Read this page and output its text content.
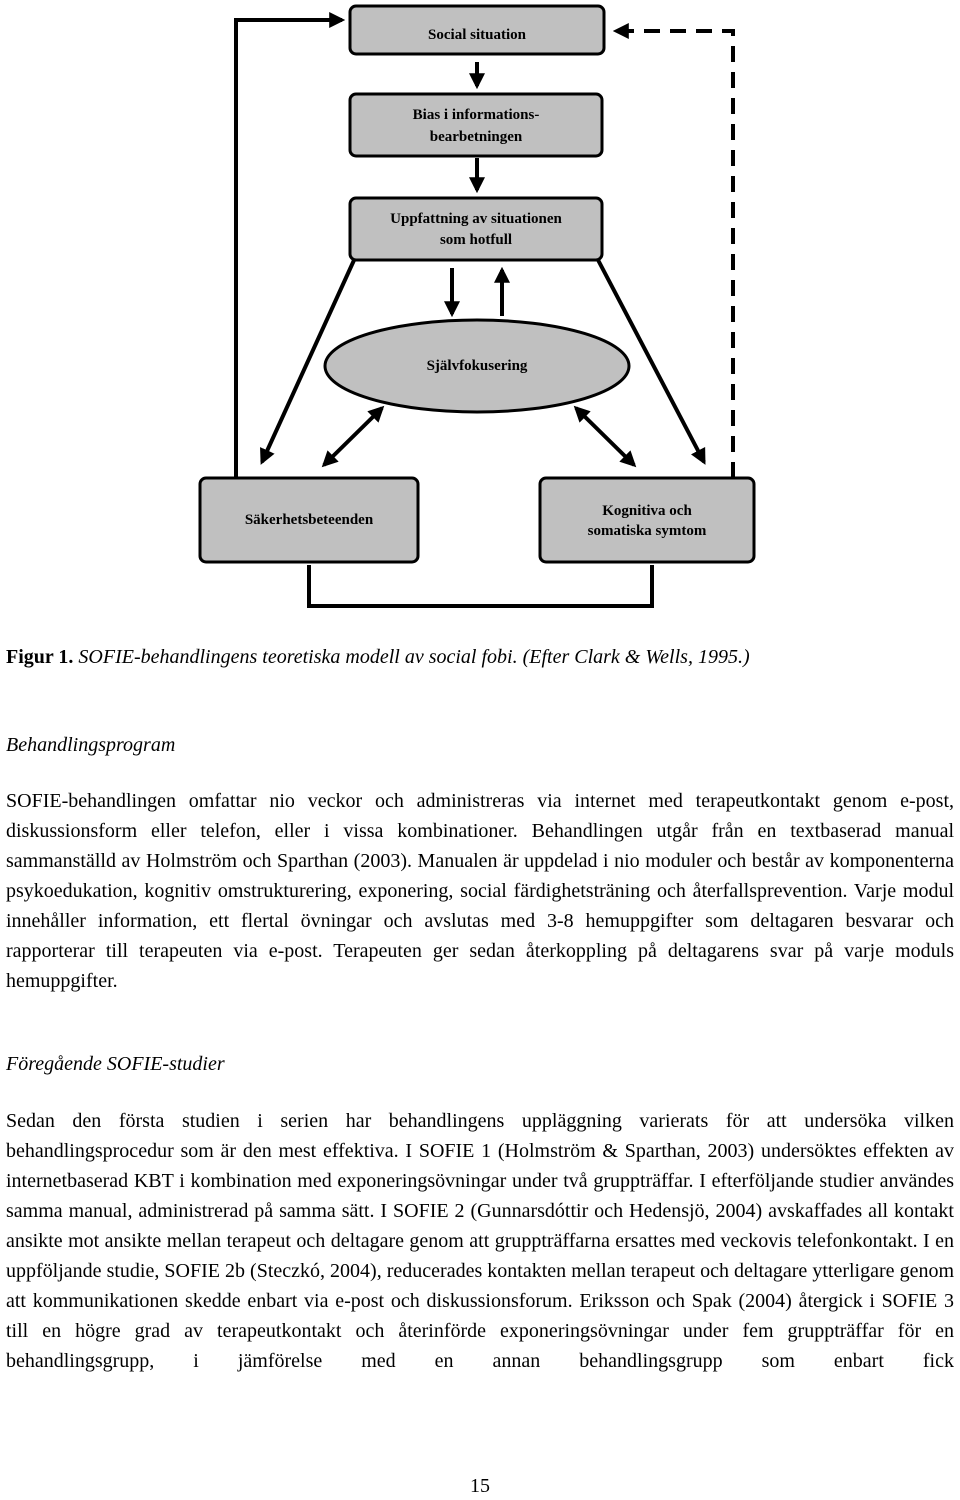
Social situation
Bias i informations-
bearbetningen
Uppfattning av situationen
som hotfull
Självfokusering
Säkerhetsbeteenden
Kognitiva och
somatiska symtom
Figur 1. SOFIE-behandlingens teoretiska modell av social fobi. (Efter Clark & Wells, 1995.)
Behandlingsprogram

SOFIE-behandlingen omfattar nio veckor och administreras via internet med terapeutkontakt genom e-post, diskussionsform eller telefon, eller i vissa kombinationer. Behandlingen utgår från en textbaserad manual sammanställd av Holmström och Sparthan (2003). Manualen är uppdelad i nio moduler och består av komponenterna psykoedukation, kognitiv omstrukturering, exponering, social färdighetsträning och återfallsprevention. Varje modul innehåller information, ett flertal övningar och avslutas med 3-8 hemuppgifter som deltagaren besvarar och rapporterar till terapeuten via e-post. Terapeuten ger sedan återkoppling på deltagarens svar på varje moduls hemuppgifter.

Föregående SOFIE-studier

Sedan den första studien i serien har behandlingens uppläggning varierats för att undersöka vilken behandlingsprocedur som är den mest effektiva. I SOFIE 1 (Holmström & Sparthan, 2003) undersöktes effekten av internetbaserad KBT i kombination med exponeringsövningar under två gruppträffar. I efterföljande studier användes samma manual, administrerad på samma sätt. I SOFIE 2 (Gunnarsdóttir och Hedensjö, 2004) avskaffades all kontakt ansikte mot ansikte mellan terapeut och deltagare genom att gruppträffarna ersattes med veckovis telefonkontakt. I en uppföljande studie, SOFIE 2b (Steczkó, 2004), reducerades kontakten mellan terapeut och deltagare ytterligare genom att kommunikationen skedde enbart via e-post och diskussionsforum. Eriksson och Spak (2004) återgick i SOFIE 3 till en högre grad av terapeutkontakt och återinförde exponeringsövningar under fem gruppträffar för en behandlingsgrupp, i jämförelse med en annan behandlingsgrupp som enbart fick

15
